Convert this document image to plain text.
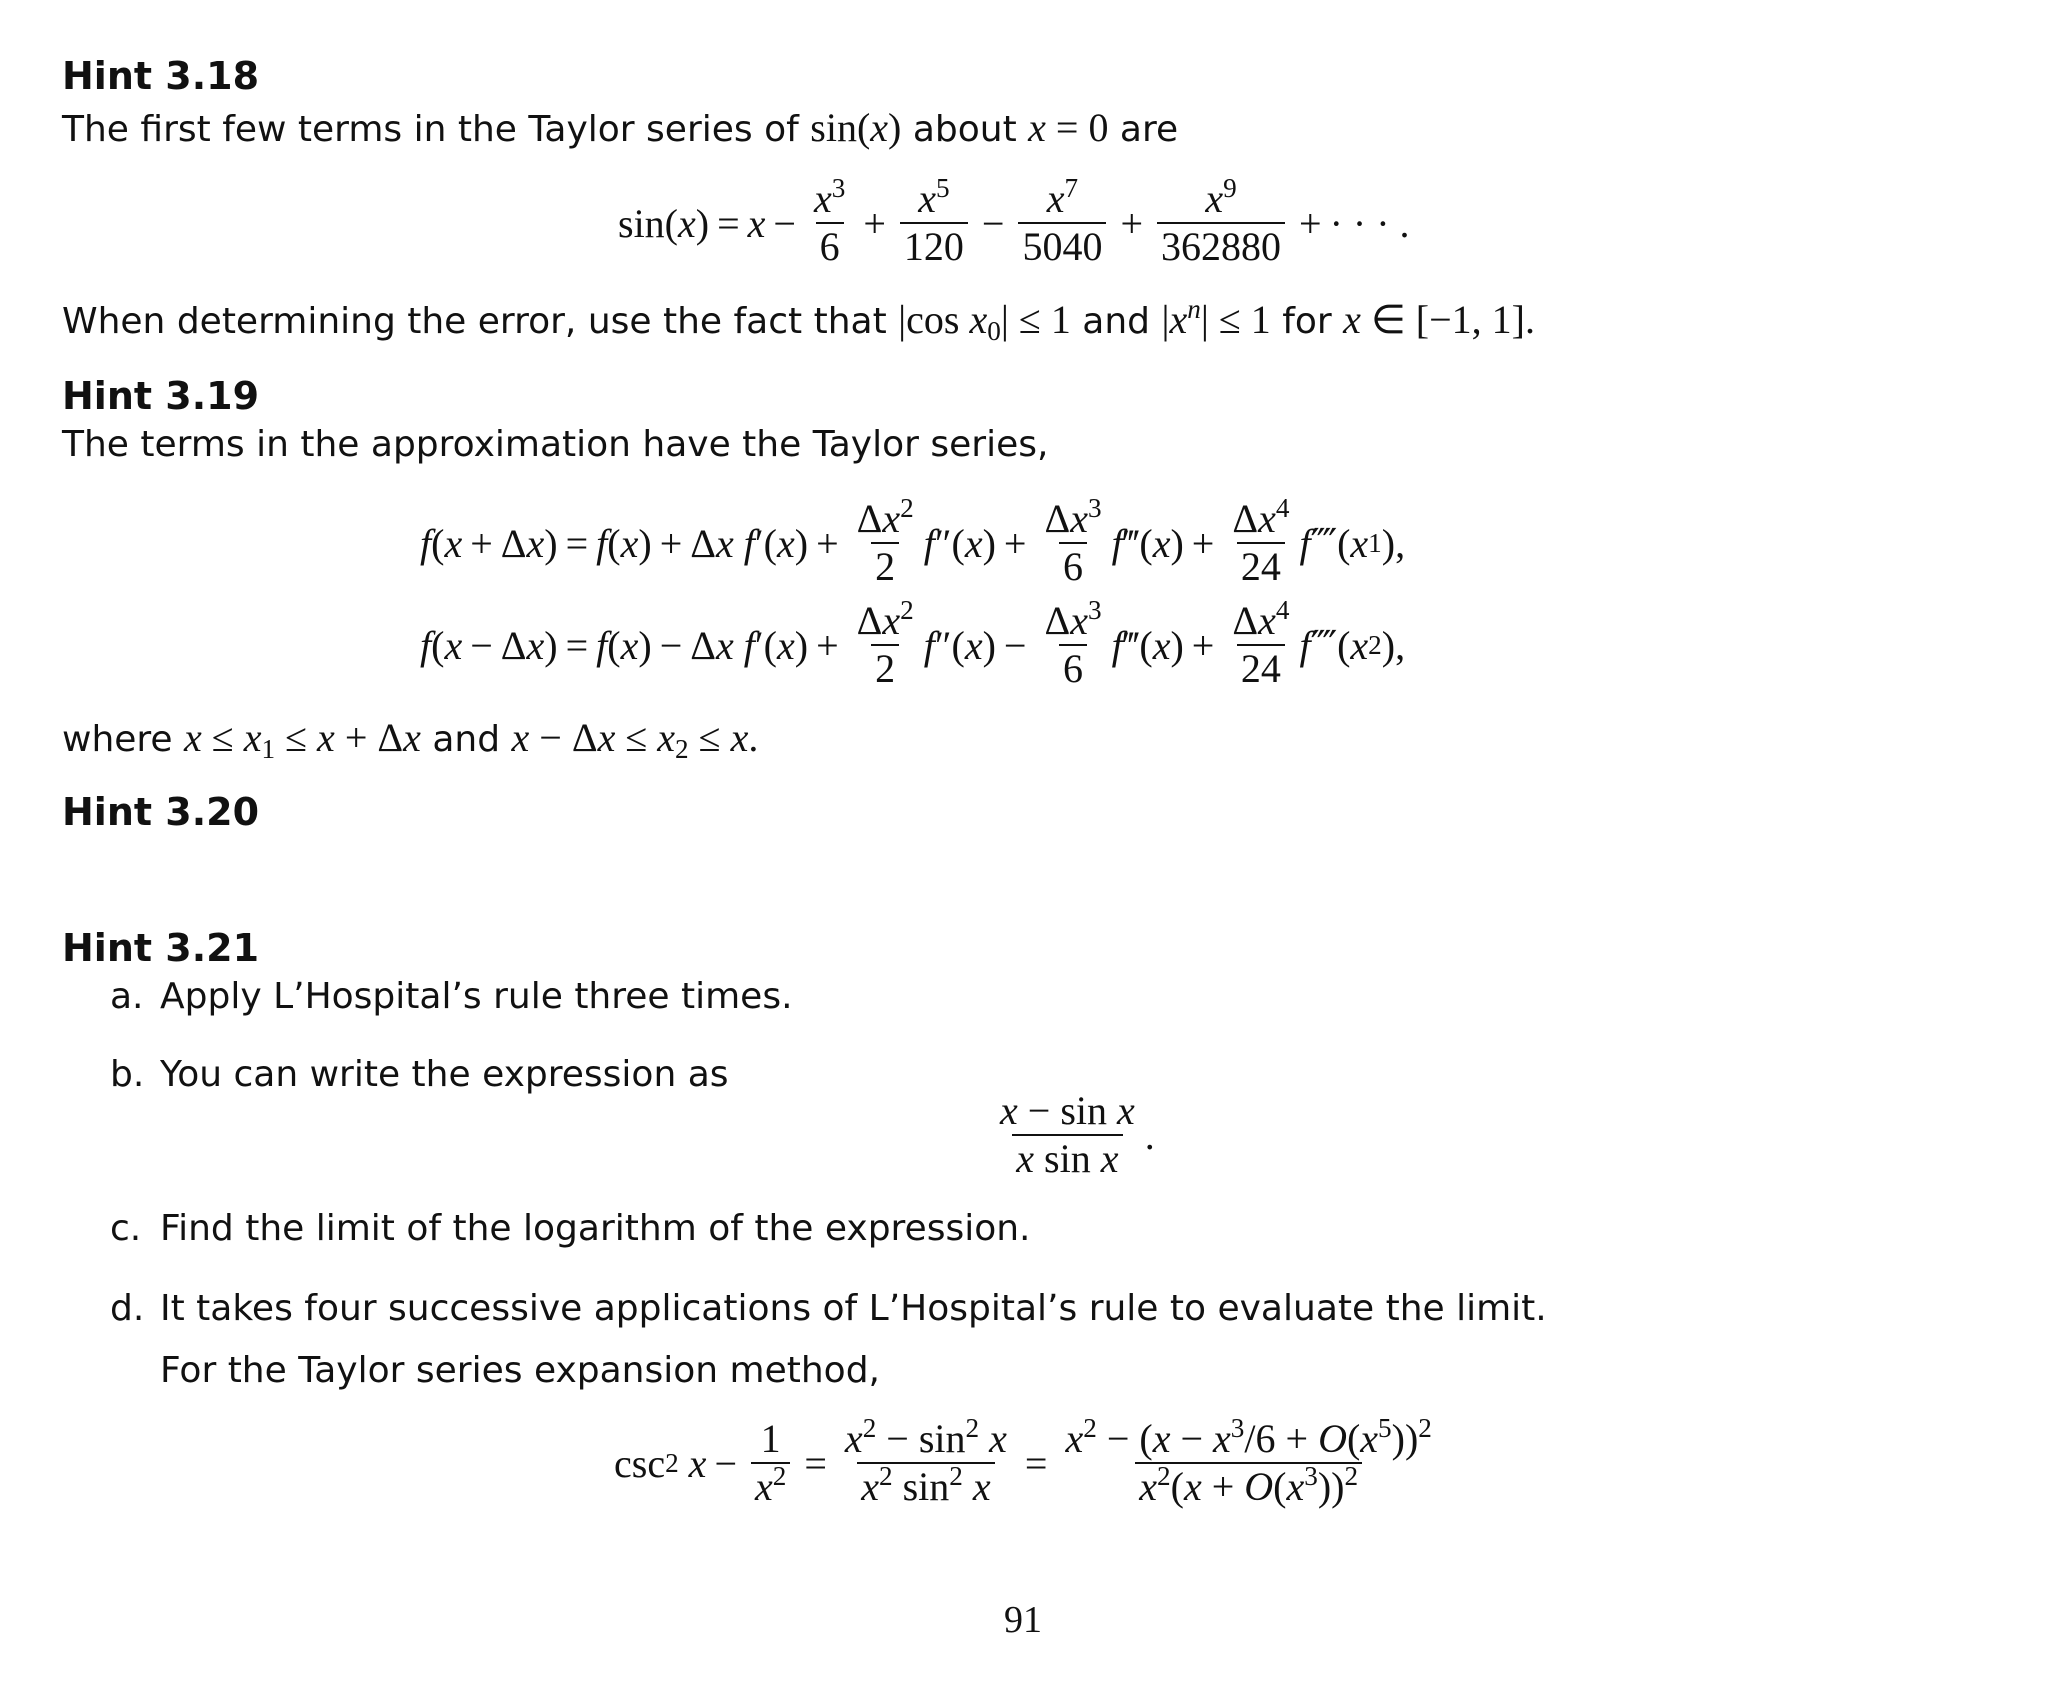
Hint 3.18
The first few terms in the Taylor series of sin(x) about x = 0 are
$\sin(x) = x - \frac{x^3}{6} + \frac{x^5}{120} - \frac{x^7}{5040} + \frac{x^9}{362880}$ + · · · .
When determining the error, use the fact that |cos $x_0| \le 1$ and $|x^n| \le 1$ for x ∈ [−1, 1].
Hint 3.19
The terms in the approximation have the Taylor series,
f ( x + Δ x ) = f ( x ) + Δ x f ′( x ) + $\frac{\Delta x^2}{2}$ f ″( x ) + $\frac{\Delta x^3}{6}$ f ‴( x ) + $\frac{\Delta x^4}{24}$ f ⁗( x 1 ),
f ( x − Δ x ) = f ( x ) − Δ x f ′( x ) + $\frac{\Delta x^2}{2}$ f ″( x ) − $\frac{\Delta x^3}{6}$ f ‴( x ) + $\frac{\Delta x^4}{24}$ f ⁗( x 2 ),
where $x \le x_1 \le x + \Delta x$ and $x - \Delta x \le x_2 \le x$.
Hint 3.20
Hint 3.21
a. Apply L’Hospital’s rule three times.
b. You can write the expression as
$\frac{\text{x − sin x}}{\text{x sin x}}$ .
c. Find the limit of the logarithm of the expression.
d. It takes four successive applications of L’Hospital’s rule to evaluate the limit.
For the Taylor series expansion method,
csc 2 $x - \frac{1}{x^2} = \frac{x^2 - \sin^2 x}{x^2 \sin^2 x} = \frac{x^2 - (x - x^3/6 + O(x^5))^2}{x^2(x + O(x^3))^2}$
91
